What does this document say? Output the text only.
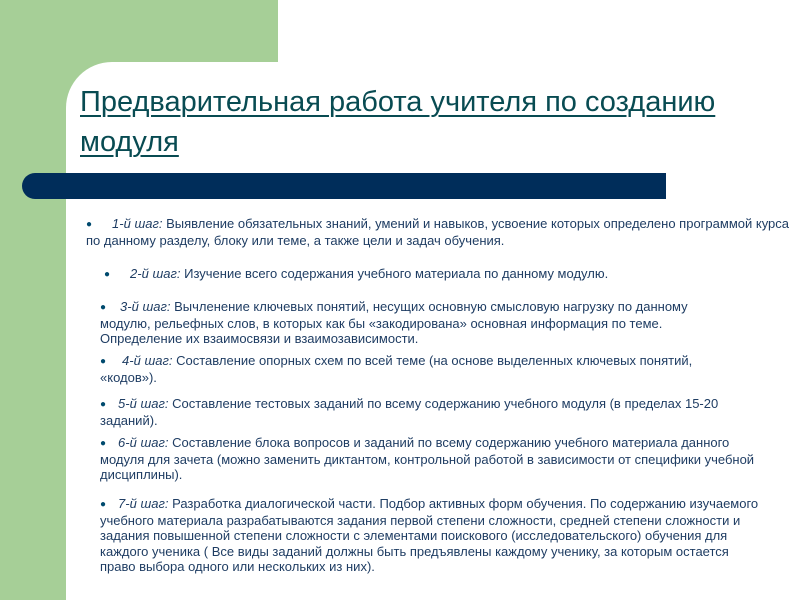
Предварительная работа учителя по созданию модуля

● 1-й шаг: Выявление обязательных знаний, умений и навыков, усвоение которых определено программой курса по данному разделу, блоку или теме, а также цели и задач обучения.

● 2-й шаг: Изучение всего содержания учебного материала по данному модулю.

● 3-й шаг: Вычленение ключевых понятий, несущих основную смысловую нагрузку по данному модулю, рельефных слов, в которых как бы «закодирована» основная информация по теме. Определение их взаимосвязи и взаимозависимости.

● 4-й шаг: Составление опорных схем по всей теме (на основе выделенных ключевых понятий, «кодов»).

● 5-й шаг: Составление тестовых заданий по всему содержанию учебного модуля (в пределах 15-20 заданий).

● 6-й шаг: Составление блока вопросов и заданий по всему содержанию учебного материала данного модуля для зачета (можно заменить диктантом, контрольной работой в зависимости от специфики учебной дисциплины).

● 7-й шаг: Разработка диалогической части. Подбор активных форм обучения. По содержанию изучаемого учебного материала разрабатываются задания первой степени сложности, средней степени сложности и задания повышенной степени сложности с элементами поискового (исследовательского) обучения для каждого ученика ( Все виды заданий должны быть предъявлены каждому ученику, за которым остается право выбора одного или нескольких из них).
